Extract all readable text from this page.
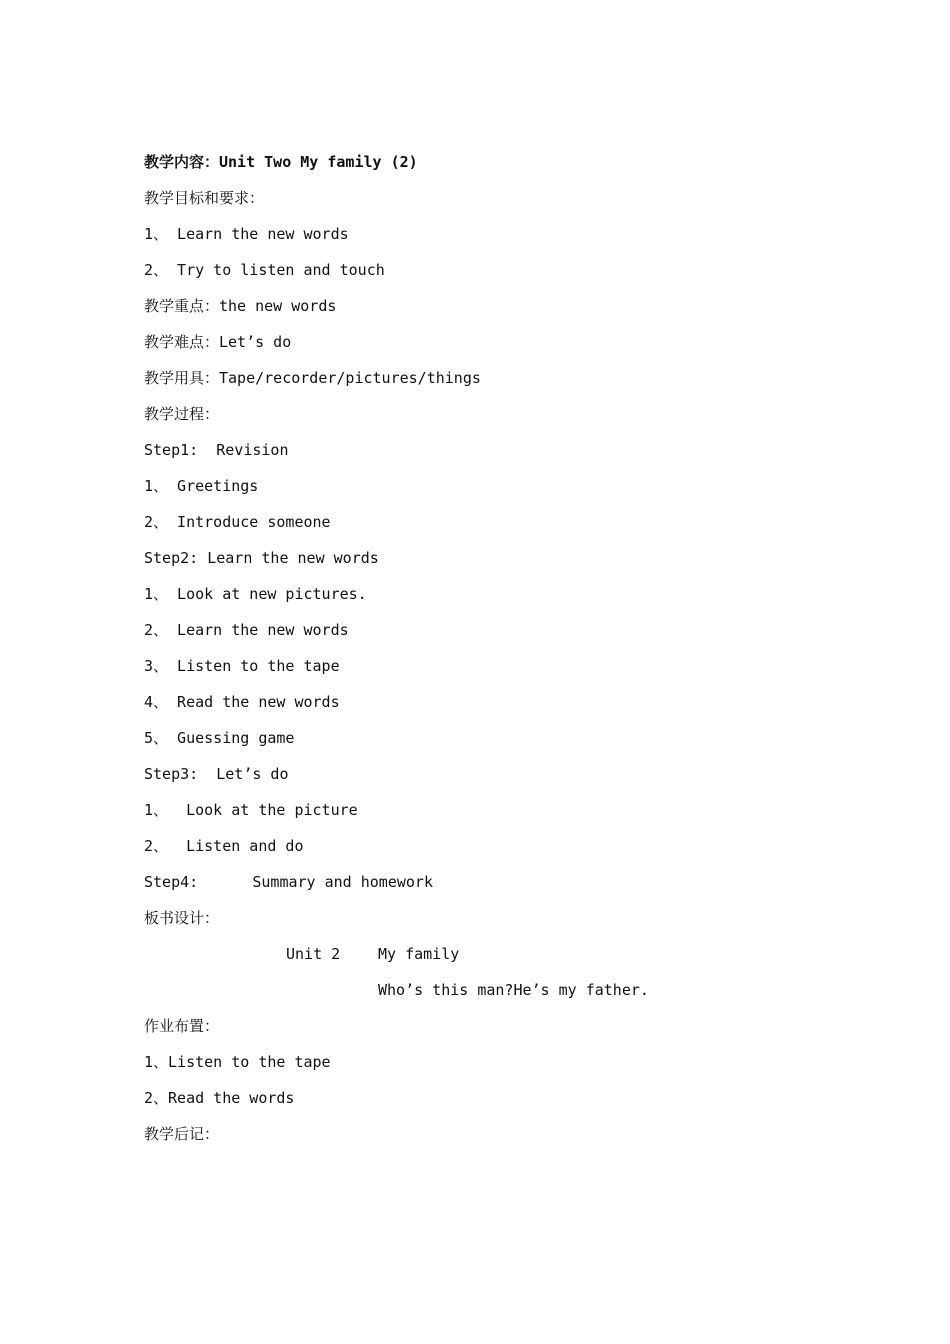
教学内容：Unit Two My family (2)
教学目标和要求：
1、 Learn the new words
2、 Try to listen and touch
教学重点：the new words
教学难点：Let’s do
教学用具：Tape/recorder/pictures/things
教学过程：
Step1:  Revision
1、 Greetings
2、 Introduce someone
Step2: Learn the new words
1、 Look at new pictures.
2、 Learn the new words
3、 Listen to the tape
4、 Read the new words
5、 Guessing game
Step3:  Let’s do
1、  Look at the picture
2、  Listen and do
Step4:      Summary and homework
板书设计：

Unit 2

	My family

Who’s this man?He’s my father.

作业布置：
1、Listen to the tape
2、Read the words
教学后记：
